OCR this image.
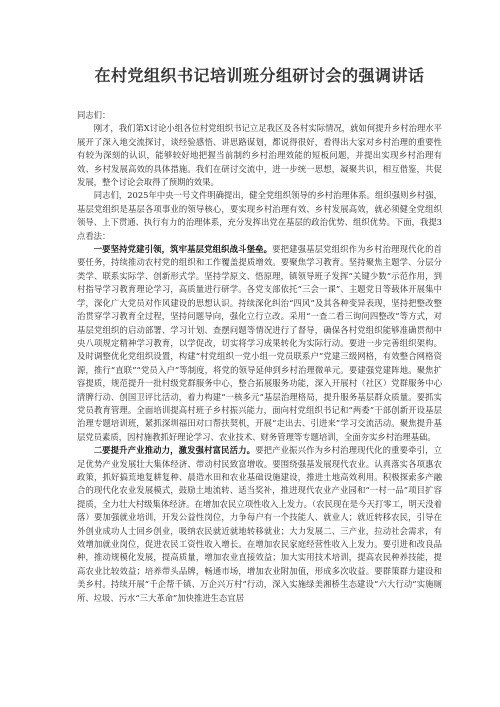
在村党组织书记培训班分组研讨会的强调讲话

同志们：

刚才，我们第X讨论小组各位村党组织书记立足我区及各村实际情况，就如何提升乡村治理水平展开了深入地交流探讨，谈经验感悟、讲思路谋划，都说得很好，看得出大家对乡村治理的重要性有较为深刻的认识，能够较好地把握当前制约乡村治理效能的短板问题，并提出实现乡村治理有效、乡村发展高效的具体措施。我们在研讨交流中，进一步统一思想，凝聚共识，相互借鉴，共促发展，整个讨论会取得了预期的效果。

同志们，2025年中央一号文件明确提出，健全党组织领导的乡村治理体系。组织强则乡村强，基层党组织是基层各项事业的领导核心，要实现乡村治理有效、乡村发展高效，就必须健全党组织领导、上下贯通、执行有力的治理体系，充分发挥出党在基层的政治优势、组织优势。下面，我提3点看法：

一要坚持党建引领，筑牢基层党组织战斗堡垒。要把建强基层党组织作为乡村治理现代化的首要任务，持续推动农村党的组织和工作覆盖提质增效。要聚焦学习教育。坚持聚焦主题学、分层分类学、联系实际学、创新形式学。坚持学原文、悟原理，镇领导班子发挥“关键少数”示范作用，到村指导学习教育理论学习，高质量进行研学。各党支部依托“三会一课”、主题党日等载体开展集中学，深化广大党员对作风建设的思想认识。持续深化纠治“四风”及其各种变异表现，坚持把整改整治贯穿学习教育全过程，坚持问题导向，强化立行立改。采用“一查二看三询问四整改”等方式，对基层党组织的启动部署、学习计划、查摆问题等情况进行了督导，确保各村党组织能够准确贯彻中央八项规定精神学习教育，以学促改，切实将学习成果转化为实际行动。要进一步完善组织架构。及时调整优化党组织设置，构建“村党组织一党小组一党员联系户”党建三级网格，有效整合网格资源，推行“直联”“党员入户”等制度，将党的领导延伸到乡村治理微单元。要建强党建阵地。聚焦扩容提质，规范提升一批村级党群服务中心，整合拓展服务功能，深入开展村（社区）党群服务中心清脾行动、创国卫评比活动，着力构建“一核多元”基层治理格局，提升服务基层群众质量。要抓实党员教育管理。全面培训提高村班子乡村振兴能力，面向村党组织书记和“两委”干部创新开设基层治理专题培训班，紧抓深圳福田对口帮扶契机，开展“走出去、引进来”学习交流活动。聚焦提升基层党员素质，因村施教抓好理论学习、农业技术、财务管理等专题培训，全面夯实乡村治理基础。

二要提升产业推动力，激发强村富民活力。要把产业振兴作为乡村治理现代化的重要牵引，立足优势产业发展壮大集体经济、带动村民致富增收。要围绕强基发展现代农业。认真落实各项惠农政策，抓好搞荒地复耕复种、晨造水田和农业基础设施建设，推进土地高效利用。积极探索多产融合的现代化农业发展模式，鼓励土地流转、适当奖补，推进现代农业产业园和“一村一品”项目扩容提质，全力壮大村级集体经济。在增加农民立项性收入上发力。（农民现在是今天打零工，明天没着落）要加强就业培训，开发公益性岗位，力争每户有一个技能人、就业人；就近转移农民，引导在外创业成功人士回乡创业，吸纳农民就近就地转移就业；大力发展二、三产业，拉动社会需求，有效增加就业岗位，促进农民工资性收入增长。在增加农民家庭经营性收入上发力。要引进和改良品种，推动规模化发展，提高质量，增加农业直接效益；加大实用技术培训，提高农民种养技能，提高农业比较效益；培养带头品牌，畅通市场，增加农业附加值，形成多次收益。要群策群力建设和美乡村。持续开展“千企帮千镇、万企兴万村”行动，深入实施绿美湘桥生态建设“六大行动”实施厕所、垃圾、污水“三大革命”加快推进生态宜居
